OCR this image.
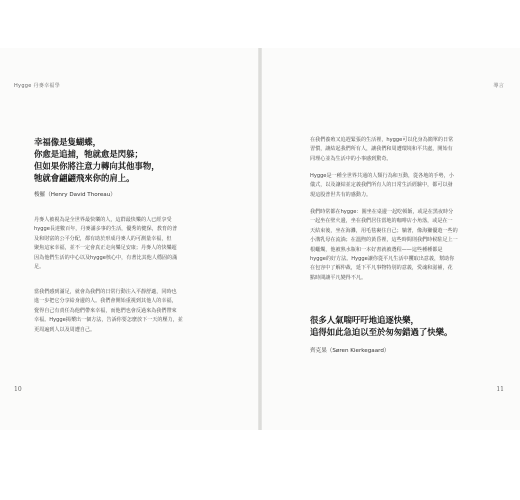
Hygge 丹麥幸福學
幸福像是隻蝴蝶，
你愈是追捕，牠就愈是閃躲；
但如果你將注意力轉向其他事物，
牠就會翩翩飛來你的肩上。
梭羅（Henry David Thoreau）
丹麥人被視為是全世界最快樂的人，這群最快樂的人已經享受
hygge長達數百年，丹麥滿多事的生活，優秀的健保，教育的普
及和財富的公平分配，都有助於形成丹麥人的可測量幸福，但
聚焦這家幸福，並不一定會真正走向樂足安康；丹麥人的快樂超
因為他們生活的中心以及hygge核心中，有著比其他人穩固的滿
足。
當我們感到滿足，就會為我們的日常行動注入平靜舒適，同時也
進一步把它分享給身邊的人。我們會開始重視到其他人的幸福，
覺得自己有責任為他們帶來幸福，而他們也會反過來為我們帶來
幸福。Hygge揭櫫出一個方法，告訴你要怎麼放下一天的壓力，並
更周遍到人以及周遭自己。
10
導言
在我們養殖又追趕緊張的生活裡，hygge可以化身為簡單的日常
習慣，讓結起我們所有人，讓我們和周遭環境和平共處，開始有
同理心並為生活中的小事感到驚奇。
Hygge是一種全世界共通的人類行為和互動，從各地的手勢，小
儀式，以及讓結並定義我們所有人的日常生活經驗中，都可以發
現這股普世共有的感動力。
我們時常都在hygge：圍坐在桌邊一起吃頓飯，或是在黑夜時分
一起坐在壁火邊，坐在我們居住當地的咖啡店小角落，或是在一
天結束後，坐在海灘，用毛毯裹住自己；躺著，像海獺優遊一些的
小溝乳母在流淌；在溫煦的黃昏裡，這些時間則我們時候駐足上一
根蠟燭，他被熟水瓶和一本好書就被選程——這些種種都是
hygge的好方法。Hygge讓你從平凡生活中攫取出意義，幫助你
在包容中了解仲裁，延下平凡事物特別的意義，愛魂和滋補，花
點時間讓平凡變得不凡。
很多人氣喘吁吁地追逐快樂，
追得如此急迫以至於匆匆錯過了快樂。
齊克果（Søren Kierkegaard）
11
